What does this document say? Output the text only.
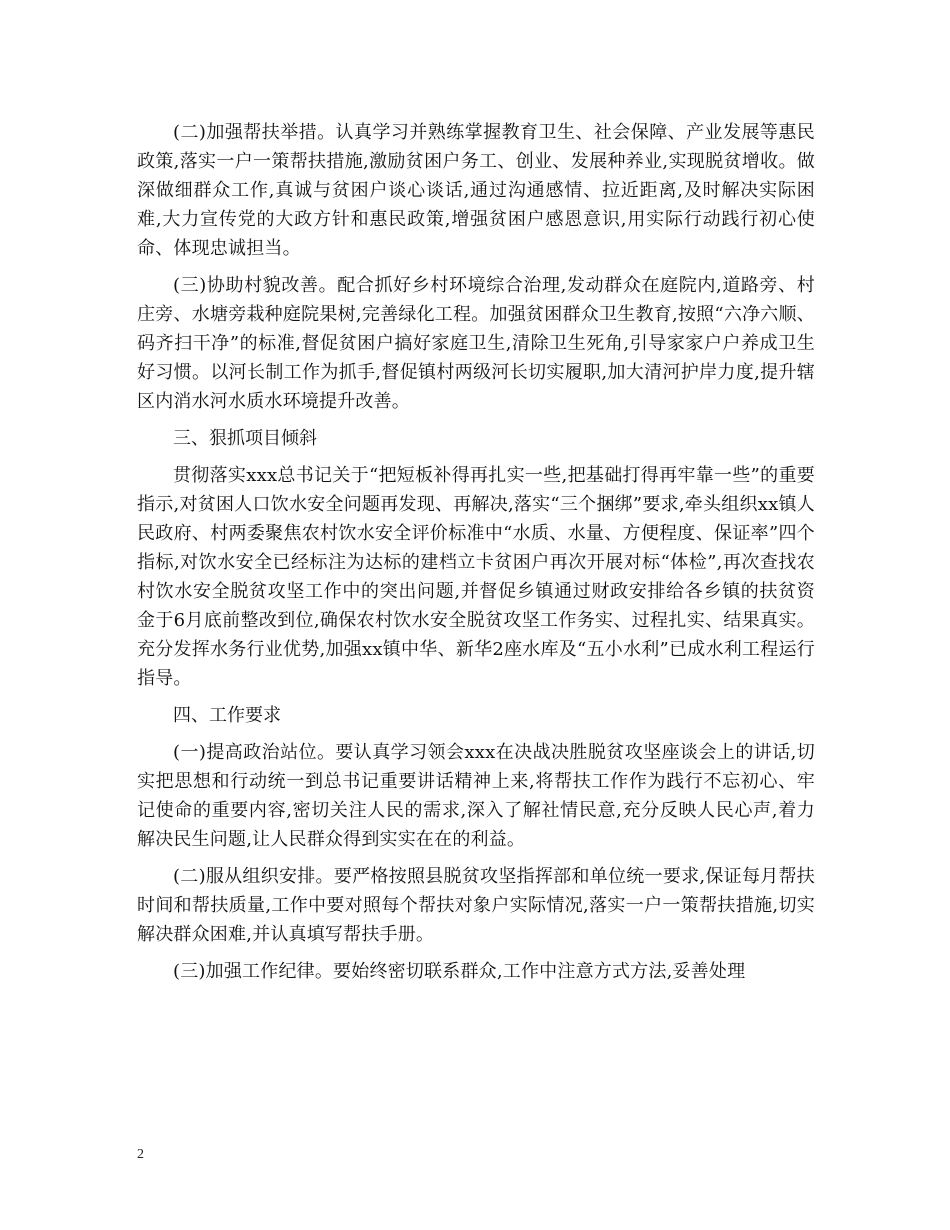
(二)加强帮扶举措。认真学习并熟练掌握教育卫生、社会保障、产业发展等惠民政策,落实一户一策帮扶措施,激励贫困户务工、创业、发展种养业,实现脱贫增收。做深做细群众工作,真诚与贫困户谈心谈话,通过沟通感情、拉近距离,及时解决实际困难,大力宣传党的大政方针和惠民政策,增强贫困户感恩意识,用实际行动践行初心使命、体现忠诚担当。

(三)协助村貌改善。配合抓好乡村环境综合治理,发动群众在庭院内,道路旁、村庄旁、水塘旁栽种庭院果树,完善绿化工程。加强贫困群众卫生教育,按照“六净六顺、码齐扫干净”的标准,督促贫困户搞好家庭卫生,清除卫生死角,引导家家户户养成卫生好习惯。以河长制工作为抓手,督促镇村两级河长切实履职,加大清河护岸力度,提升辖区内消水河水质水环境提升改善。

三、狠抓项目倾斜

贯彻落实xxx总书记关于“把短板补得再扎实一些,把基础打得再牢靠一些”的重要指示,对贫困人口饮水安全问题再发现、再解决,落实“三个捆绑”要求,牵头组织xx镇人民政府、村两委聚焦农村饮水安全评价标准中“水质、水量、方便程度、保证率”四个指标,对饮水安全已经标注为达标的建档立卡贫困户再次开展对标“体检”,再次查找农村饮水安全脱贫攻坚工作中的突出问题,并督促乡镇通过财政安排给各乡镇的扶贫资金于6月底前整改到位,确保农村饮水安全脱贫攻坚工作务实、过程扎实、结果真实。充分发挥水务行业优势,加强xx镇中华、新华2座水库及“五小水利”已成水利工程运行指导。

四、工作要求

(一)提高政治站位。要认真学习领会xxx在决战决胜脱贫攻坚座谈会上的讲话,切实把思想和行动统一到总书记重要讲话精神上来,将帮扶工作作为践行不忘初心、牢记使命的重要内容,密切关注人民的需求,深入了解社情民意,充分反映人民心声,着力解决民生问题,让人民群众得到实实在在的利益。

(二)服从组织安排。要严格按照县脱贫攻坚指挥部和单位统一要求,保证每月帮扶时间和帮扶质量,工作中要对照每个帮扶对象户实际情况,落实一户一策帮扶措施,切实解决群众困难,并认真填写帮扶手册。

(三)加强工作纪律。要始终密切联系群众,工作中注意方式方法,妥善处理

2
